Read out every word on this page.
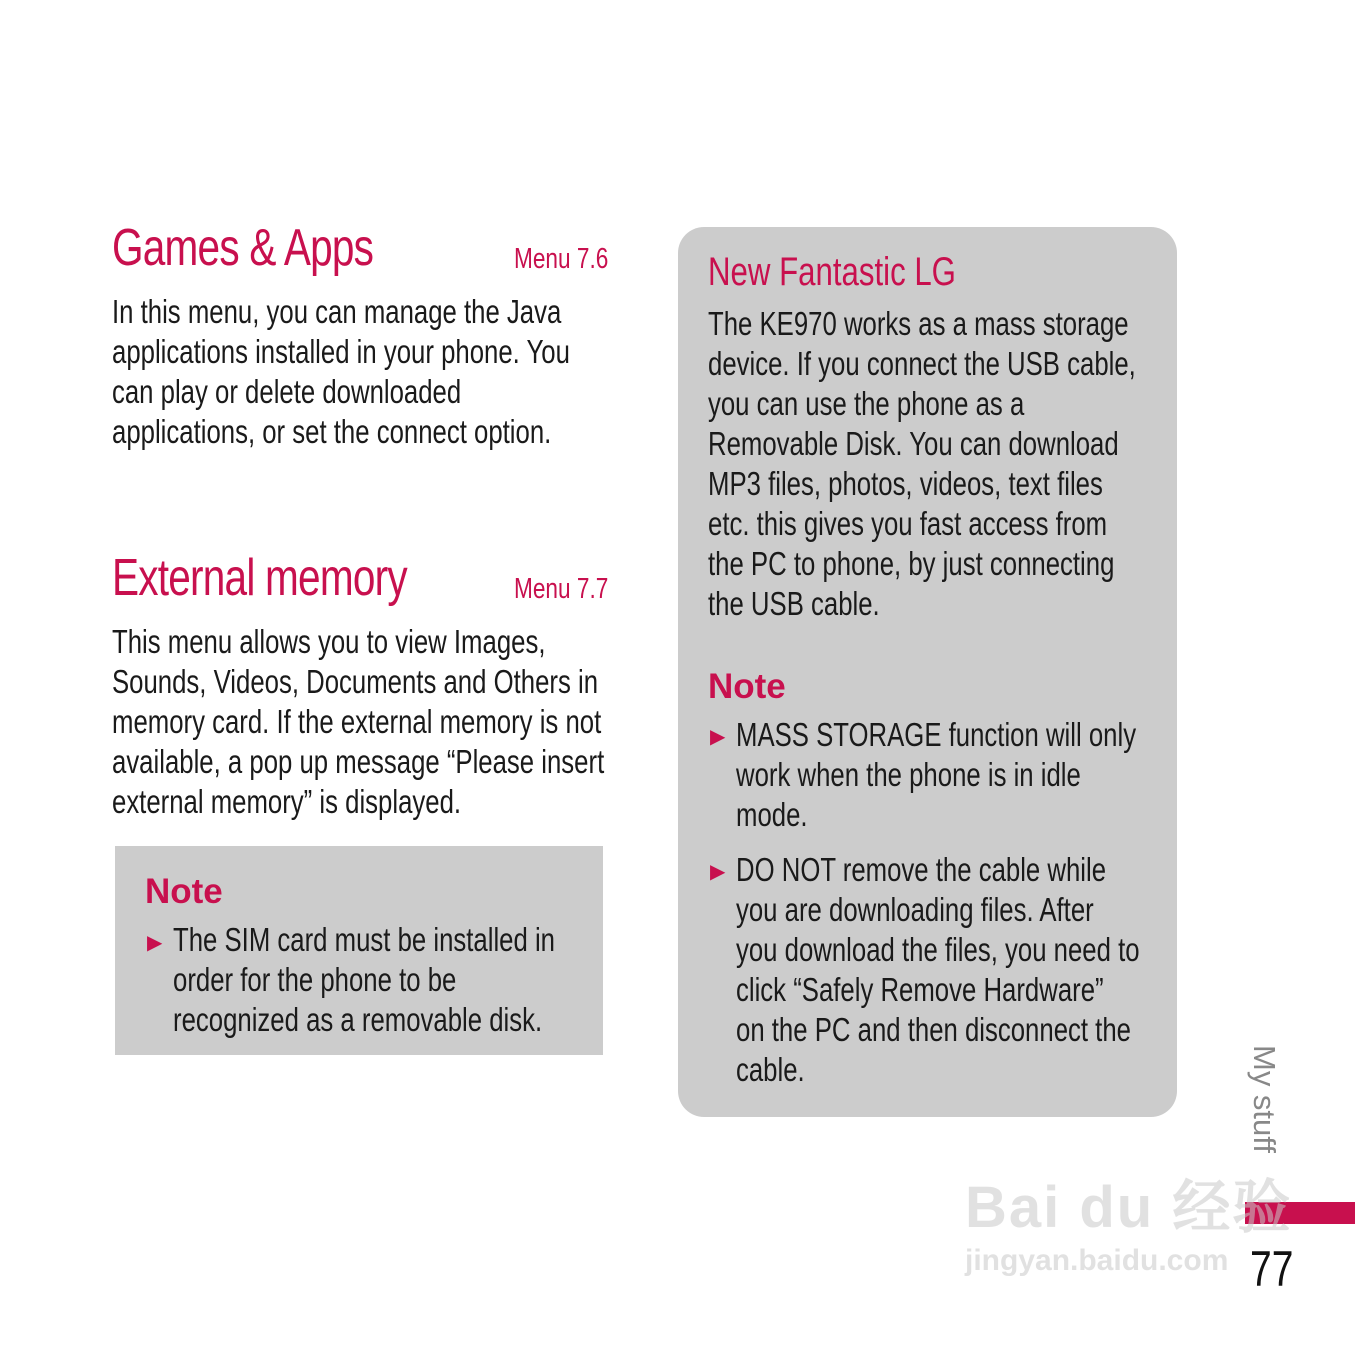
Games & Apps	Menu 7.6
In this menu, you can manage the Java
applications installed in your phone. You
can play or delete downloaded
applications, or set the connect option.
External memory	Menu 7.7
This menu allows you to view Images,
Sounds, Videos, Documents and Others in
memory card. If the external memory is not
available, a pop up message “Please insert
external memory” is displayed.
Note
▶ The SIM card must be installed in
order for the phone to be
recognized as a removable disk.
New Fantastic LG
The KE970 works as a mass storage
device. If you connect the USB cable,
you can use the phone as a
Removable Disk. You can download
MP3 files, photos, videos, text files
etc. this gives you fast access from
the PC to phone, by just connecting
the USB cable.
Note
▶ MASS STORAGE function will only
work when the phone is in idle
mode.
▶ DO NOT remove the cable while
you are downloading files. After
you download the files, you need to
click “Safely Remove Hardware”
on the PC and then disconnect the
cable.	My stuff
77
Bai du 经验
jingyan.baidu.com
